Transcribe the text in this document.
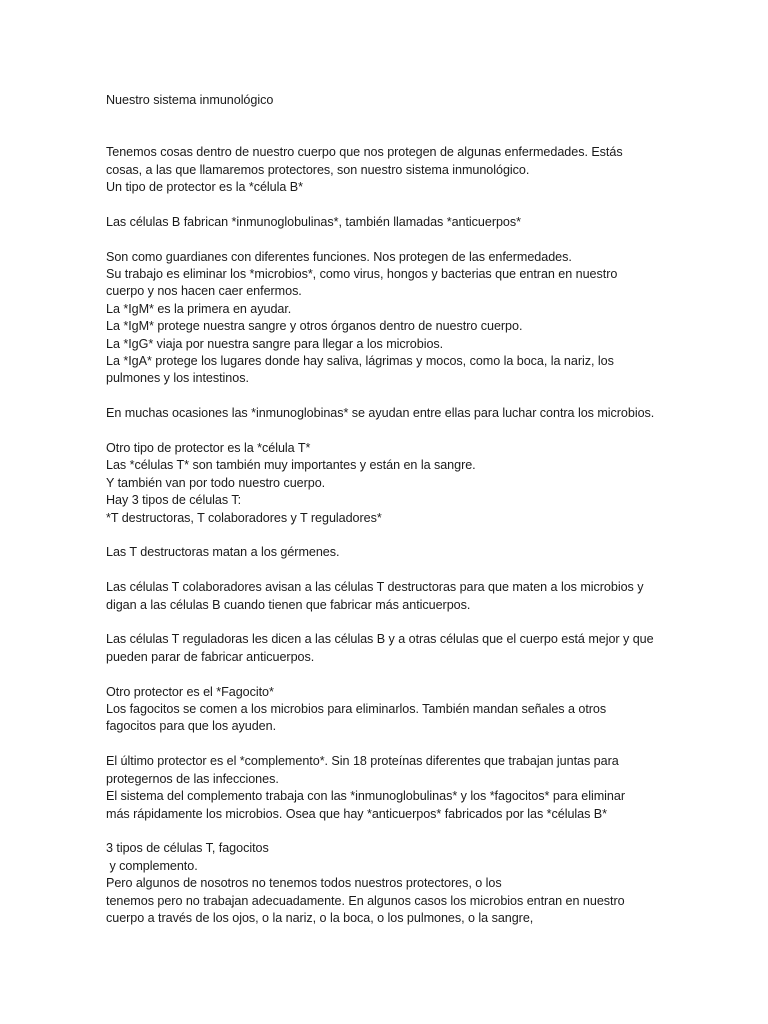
Nuestro sistema inmunológico
Tenemos cosas dentro de nuestro cuerpo que nos protegen de algunas enfermedades. Estás
cosas, a las que llamaremos protectores, son nuestro sistema inmunológico.
Un tipo de protector es la *célula B*
Las células B fabrican *inmunoglobulinas*, también llamadas *anticuerpos*
Son como guardianes con diferentes funciones. Nos protegen de las enfermedades.
Su trabajo es eliminar los *microbios*, como virus, hongos y bacterias que entran en nuestro
cuerpo y nos hacen caer enfermos.
La *IgM* es la primera en ayudar.
La *IgM* protege nuestra sangre y otros órganos dentro de nuestro cuerpo.
La *IgG* viaja por nuestra sangre para llegar a los microbios.
La *IgA* protege los lugares donde hay saliva, lágrimas y mocos, como la boca, la nariz, los
pulmones y los intestinos.
En muchas ocasiones las *inmunoglobinas* se ayudan entre ellas para luchar contra los microbios.
Otro tipo de protector es la *célula T*
Las *células T* son también muy importantes y están en la sangre.
Y también van por todo nuestro cuerpo.
Hay 3 tipos de células T:
*T destructoras, T colaboradores y T reguladores*
Las T destructoras matan a los gérmenes.
Las células T colaboradores avisan a las células T destructoras para que maten a los microbios y
digan a las células B cuando tienen que fabricar más anticuerpos.
Las células T reguladoras les dicen a las células B y a otras células que el cuerpo está mejor y que
pueden parar de fabricar anticuerpos.
Otro protector es el *Fagocito*
Los fagocitos se comen a los microbios para eliminarlos. También mandan señales a otros
fagocitos para que los ayuden.
El último protector es el *complemento*. Sin 18 proteínas diferentes que trabajan juntas para
protegernos de las infecciones.
El sistema del complemento trabaja con las *inmunoglobulinas* y los *fagocitos* para eliminar
más rápidamente los microbios. Osea que hay *anticuerpos* fabricados por las *células B*
3 tipos de células T, fagocitos
y complemento.
Pero algunos de nosotros no tenemos todos nuestros protectores, o los
tenemos pero no trabajan adecuadamente. En algunos casos los microbios entran en nuestro
cuerpo a través de los ojos, o la nariz, o la boca, o los pulmones, o la sangre,
